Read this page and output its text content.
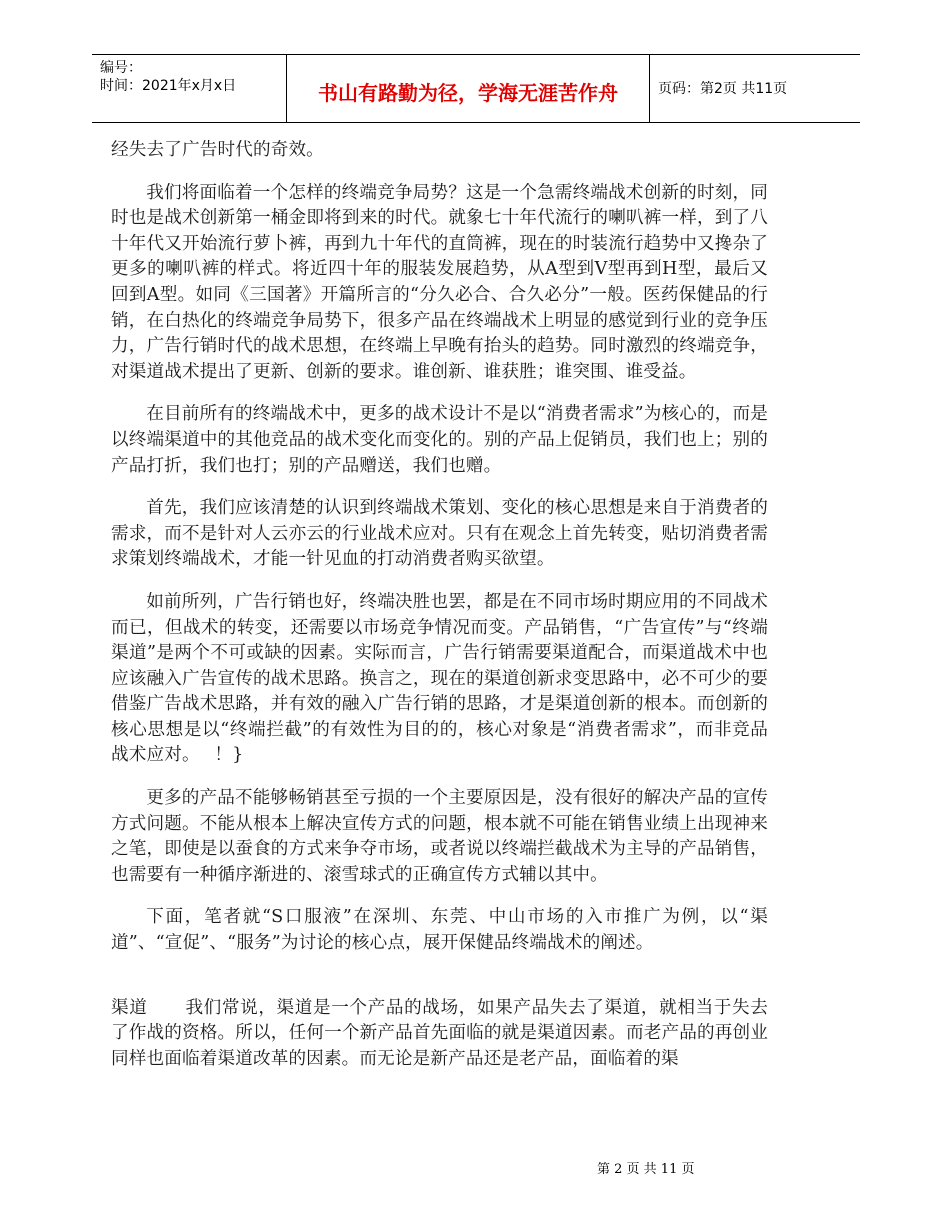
编号：
时间：2021年x月x日	书山有路勤为径，学海无涯苦作舟	页码：第2页 共11页

经失去了广告时代的奇效。

我们将面临着一个怎样的终端竞争局势？这是一个急需终端战术创新的时刻，同时也是战术创新第一桶金即将到来的时代。就象七十年代流行的喇叭裤一样，到了八十年代又开始流行萝卜裤，再到九十年代的直筒裤，现在的时装流行趋势中又搀杂了更多的喇叭裤的样式。将近四十年的服装发展趋势，从A型到V型再到H型，最后又回到A型。如同《三国著》开篇所言的“分久必合、合久必分”一般。医药保健品的行销，在白热化的终端竞争局势下，很多产品在终端战术上明显的感觉到行业的竞争压力，广告行销时代的战术思想，在终端上早晚有抬头的趋势。同时激烈的终端竞争，对渠道战术提出了更新、创新的要求。谁创新、谁获胜；谁突围、谁受益。

在目前所有的终端战术中，更多的战术设计不是以“消费者需求”为核心的，而是以终端渠道中的其他竞品的战术变化而变化的。别的产品上促销员，我们也上；别的产品打折，我们也打；别的产品赠送，我们也赠。

首先，我们应该清楚的认识到终端战术策划、变化的核心思想是来自于消费者的需求，而不是针对人云亦云的行业战术应对。只有在观念上首先转变，贴切消费者需求策划终端战术，才能一针见血的打动消费者购买欲望。

如前所列，广告行销也好，终端决胜也罢，都是在不同市场时期应用的不同战术而已，但战术的转变，还需要以市场竞争情况而变。产品销售，“广告宣传”与“终端渠道”是两个不可或缺的因素。实际而言，广告行销需要渠道配合，而渠道战术中也应该融入广告宣传的战术思路。换言之，现在的渠道创新求变思路中，必不可少的要借鉴广告战术思路，并有效的融入广告行销的思路，才是渠道创新的根本。而创新的核心思想是以“终端拦截”的有效性为目的的，核心对象是“消费者需求”，而非竞品战术应对。　 ！}

更多的产品不能够畅销甚至亏损的一个主要原因是，没有很好的解决产品的宣传方式问题。不能从根本上解决宣传方式的问题，根本就不可能在销售业绩上出现神来之笔，即使是以蚕食的方式来争夺市场，或者说以终端拦截战术为主导的产品销售，也需要有一种循序渐进的、滚雪球式的正确宣传方式辅以其中。

下面，笔者就“S口服液”在深圳、东莞、中山市场的入市推广为例，以“渠道”、“宣促”、“服务”为讨论的核心点，展开保健品终端战术的阐述。

渠道 我们常说，渠道是一个产品的战场，如果产品失去了渠道，就相当于失去了作战的资格。所以，任何一个新产品首先面临的就是渠道因素。而老产品的再创业同样也面临着渠道改革的因素。而无论是新产品还是老产品，面临着的渠

第 2 页 共 11 页
